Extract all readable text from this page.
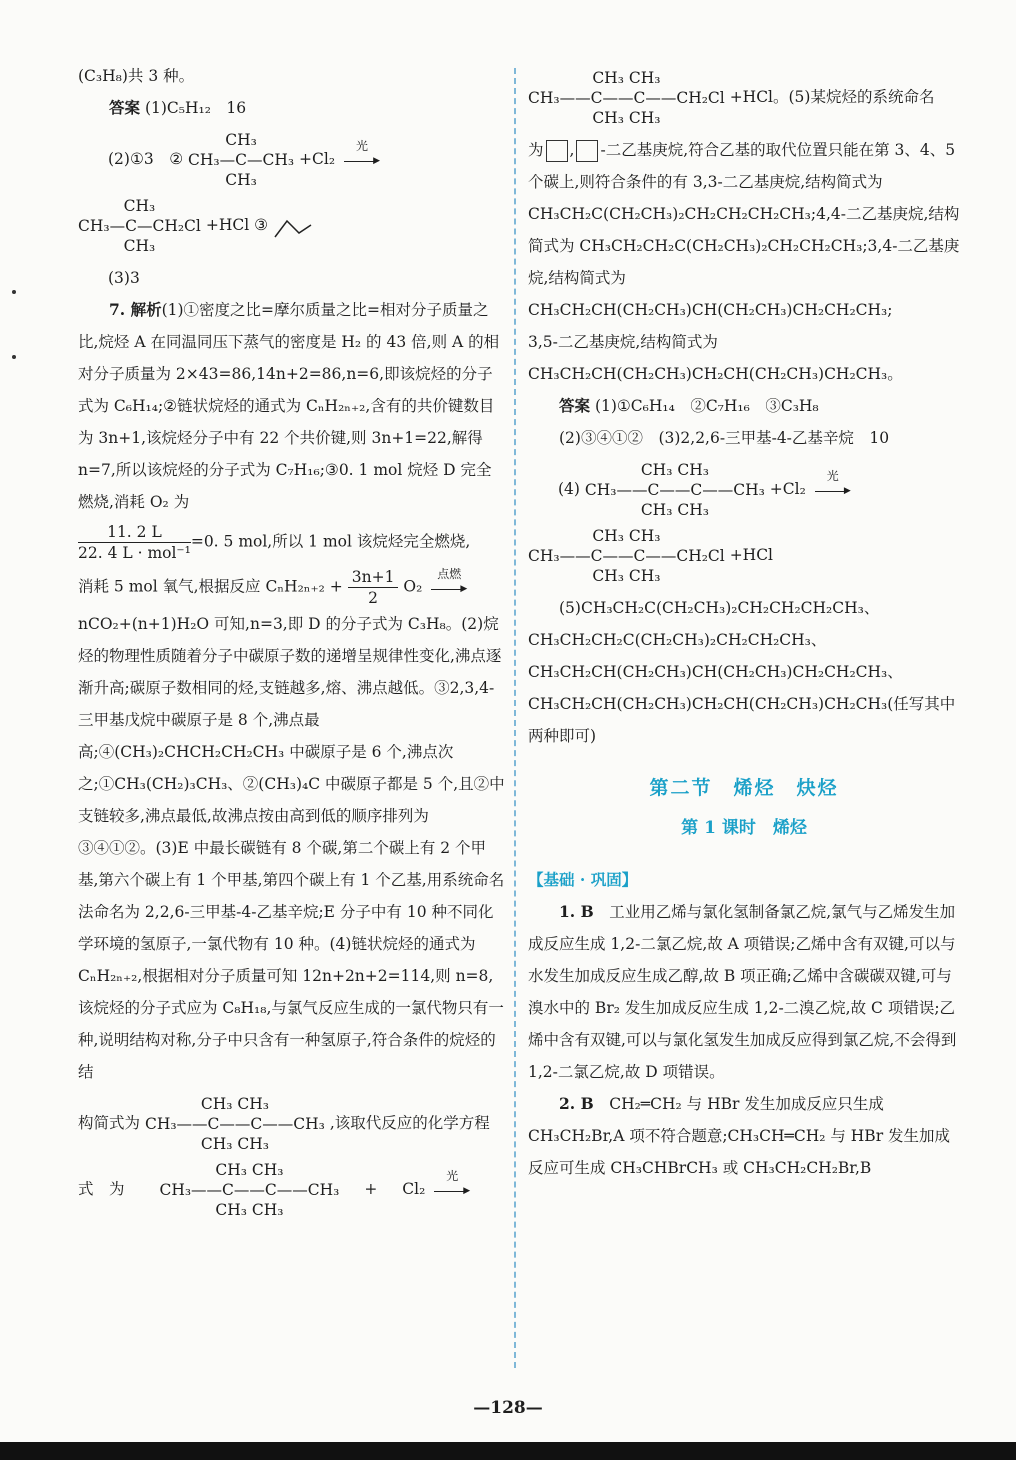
(C₃H₈)共 3 种。

答案 (1)C₅H₁₂　16

(2)①3　②
CH₃
CH₃—C—CH₃
CH₃
+Cl₂
光
▶
CH₃
CH₃—C—CH₂Cl
CH₃
+HCl ③

(3)3

7. 解析(1)①密度之比=摩尔质量之比=相对分子质量之比,烷烃 A 在同温同压下蒸气的密度是 H₂ 的 43 倍,则 A 的相对分子质量为 2×43=86,14n+2=86,n=6,即该烷烃的分子式为 C₆H₁₄;②链状烷烃的通式为 CₙH₂ₙ₊₂,含有的共价键数目为 3n+1,该烷烃分子中有 22 个共价键,则 3n+1=22,解得 n=7,所以该烷烃的分子式为 C₇H₁₆;③0. 1 mol 烷烃 D 完全燃烧,消耗 O₂ 为

11. 2 L
22. 4 L · mol⁻¹
=0. 5 mol,所以 1 mol 该烷烃完全燃烧,

消耗 5 mol 氧气,根据反应 $C_nH_{2n+2} + \frac{3n+1}{2} O_2$
点燃
▶

nCO₂+(n+1)H₂O 可知,n=3,即 D 的分子式为 C₃H₈。(2)烷烃的物理性质随着分子中碳原子数的递增呈规律性变化,沸点逐渐升高;碳原子数相同的烃,支链越多,熔、沸点越低。③2,3,4-三甲基戊烷中碳原子是 8 个,沸点最高;④(CH₃)₂CHCH₂CH₂CH₃ 中碳原子是 6 个,沸点次之;①CH₃(CH₂)₃CH₃、②(CH₃)₄C 中碳原子都是 5 个,且②中支链较多,沸点最低,故沸点按由高到低的顺序排列为③④①②。(3)E 中最长碳链有 8 个碳,第二个碳上有 2 个甲基,第六个碳上有 1 个甲基,第四个碳上有 1 个乙基,用系统命名法命名为 2,2,6-三甲基-4-乙基辛烷;E 分子中有 10 种不同化学环境的氢原子,一氯代物有 10 种。(4)链状烷烃的通式为 CₙH₂ₙ₊₂,根据相对分子质量可知 12n+2n+2=114,则 n=8,该烷烃的分子式应为 C₈H₁₈,与氯气反应生成的一氯代物只有一种,说明结构对称,分子中只含有一种氢原子,符合条件的烷烃的结

构简式为
CH₃ CH₃
CH₃——C——C——CH₃
CH₃ CH₃
,该取代反应的化学方程
式　为
CH₃ CH₃
CH₃——C——C——CH₃
CH₃ CH₃
+ Cl₂
光
▶
CH₃ CH₃
CH₃——C——C——CH₂Cl
CH₃ CH₃
+HCl。(5)某烷烃的系统命名

为 , -二乙基庚烷,符合乙基的取代位置只能在第 3、4、5 个碳上,则符合条件的有 3,3-二乙基庚烷,结构简式为 CH₃CH₂C(CH₂CH₃)₂CH₂CH₂CH₂CH₃;4,4-二乙基庚烷,结构简式为 CH₃CH₂CH₂C(CH₂CH₃)₂CH₂CH₂CH₃;3,4-二乙基庚烷,结构简式为

CH₃CH₂CH(CH₂CH₃)CH(CH₂CH₃)CH₂CH₂CH₃;

3,5-二乙基庚烷,结构简式为

CH₃CH₂CH(CH₂CH₃)CH₂CH(CH₂CH₃)CH₂CH₃。

答案 (1)①C₆H₁₄　②C₇H₁₆　③C₃H₈

(2)③④①②　(3)2,2,6-三甲基-4-乙基辛烷　10

(4)
CH₃ CH₃
CH₃——C——C——CH₃
CH₃ CH₃
+Cl₂
光
▶
CH₃ CH₃
CH₃——C——C——CH₂Cl
CH₃ CH₃
+HCl

(5)CH₃CH₂C(CH₂CH₃)₂CH₂CH₂CH₂CH₃、

CH₃CH₂CH₂C(CH₂CH₃)₂CH₂CH₂CH₃、

CH₃CH₂CH(CH₂CH₃)CH(CH₂CH₃)CH₂CH₂CH₃、

CH₃CH₂CH(CH₂CH₃)CH₂CH(CH₂CH₃)CH₂CH₃(任写其中两种即可)

第二节　烯烃　炔烃
第 1 课时　烯烃

【基础 · 巩固】

1. B　 工业用乙烯与氯化氢制备氯乙烷,氯气与乙烯发生加成反应生成 1,2-二氯乙烷,故 A 项错误;乙烯中含有双键,可以与水发生加成反应生成乙醇,故 B 项正确;乙烯中含碳碳双键,可与溴水中的 Br₂ 发生加成反应生成 1,2-二溴乙烷,故 C 项错误;乙烯中含有双键,可以与氯化氢发生加成反应得到氯乙烷,不会得到 1,2-二氯乙烷,故 D 项错误。

2. B　 CH₂═CH₂ 与 HBr 发生加成反应只生成 CH₃CH₂Br,A 项不符合题意;CH₃CH═CH₂ 与 HBr 发生加成反应可生成 CH₃CHBrCH₃ 或 CH₃CH₂CH₂Br,B

—128—
